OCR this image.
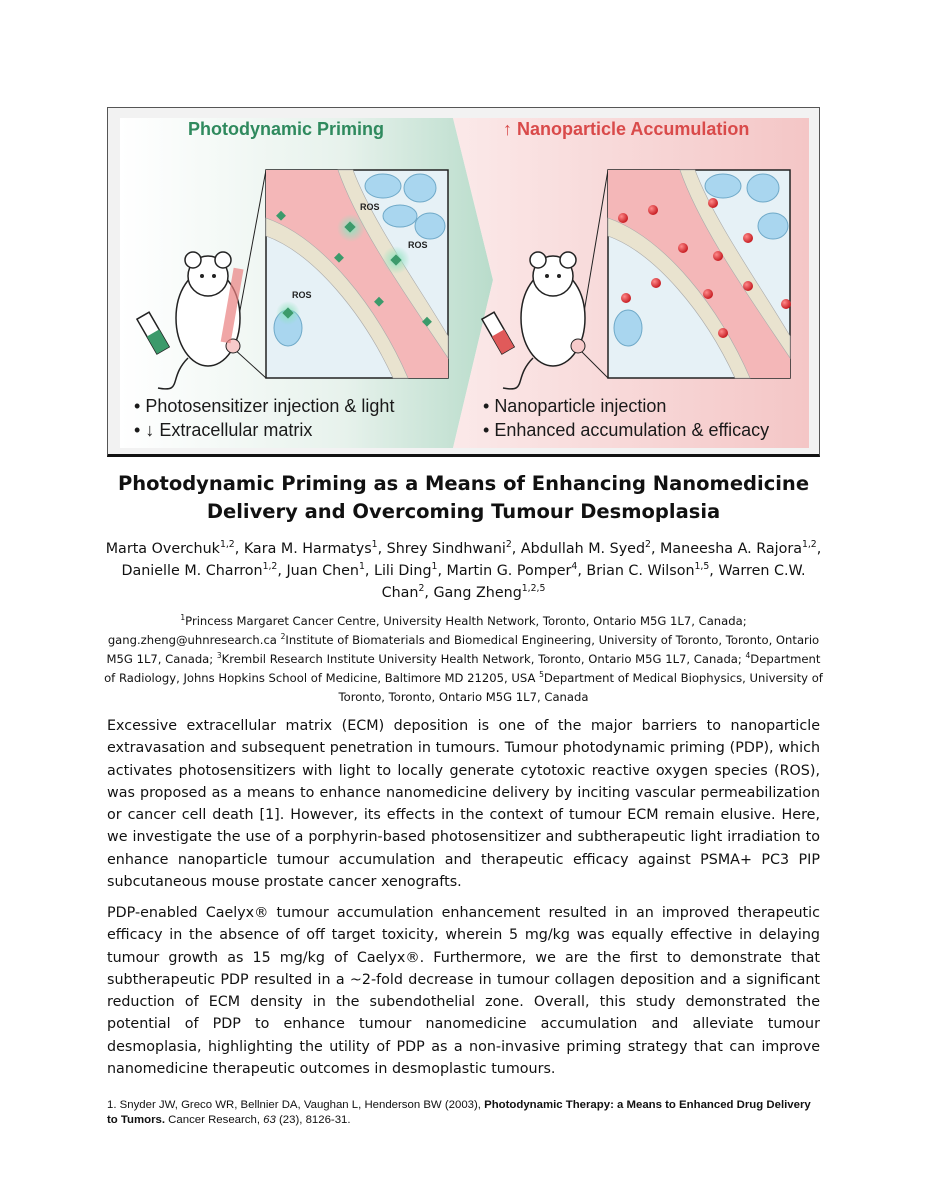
Photodynamic Priming	↑ Nanoparticle Accumulation
ROS
ROS
ROS
• Photosensitizer injection & light
• ↓ Extracellular matrix
• Nanoparticle injection
• Enhanced accumulation & efficacy
Photodynamic Priming as a Means of Enhancing Nanomedicine
Delivery and Overcoming Tumour Desmoplasia
Marta Overchuk$^{1,2}$, Kara M. Harmatys$^1$, Shrey Sindhwani$^2$, Abdullah M. Syed$^2$, Maneesha A. Rajora$^{1,2}$, Danielle M. Charron$^{1,2}$, Juan Chen$^1$, Lili Ding$^1$, Martin G. Pomper$^4$, Brian C. Wilson$^{1,5}$, Warren C.W. Chan$^2$, Gang Zheng$^{1,2,5}$
$^1$Princess Margaret Cancer Centre, University Health Network, Toronto, Ontario M5G 1L7, Canada; gang.zheng@uhnresearch.ca $^2$Institute of Biomaterials and Biomedical Engineering, University of Toronto, Toronto, Ontario M5G 1L7, Canada; $^3$Krembil Research Institute University Health Network, Toronto, Ontario M5G 1L7, Canada; $^4$Department of Radiology, Johns Hopkins School of Medicine, Baltimore MD 21205, USA $^5$Department of Medical Biophysics, University of Toronto, Toronto, Ontario M5G 1L7, Canada
Excessive extracellular matrix (ECM) deposition is one of the major barriers to nanoparticle extravasation and subsequent penetration in tumours. Tumour photodynamic priming (PDP), which activates photosensitizers with light to locally generate cytotoxic reactive oxygen species (ROS), was proposed as a means to enhance nanomedicine delivery by inciting vascular permeabilization or cancer cell death [1]. However, its effects in the context of tumour ECM remain elusive. Here, we investigate the use of a porphyrin-based photosensitizer and subtherapeutic light irradiation to enhance nanoparticle tumour accumulation and therapeutic efficacy against PSMA+ PC3 PIP subcutaneous mouse prostate cancer xenografts.
PDP-enabled Caelyx® tumour accumulation enhancement resulted in an improved therapeutic efficacy in the absence of off target toxicity, wherein 5 mg/kg was equally effective in delaying tumour growth as 15 mg/kg of Caelyx®. Furthermore, we are the first to demonstrate that subtherapeutic PDP resulted in a ~2-fold decrease in tumour collagen deposition and a significant reduction of ECM density in the subendothelial zone. Overall, this study demonstrated the potential of PDP to enhance tumour nanomedicine accumulation and alleviate tumour desmoplasia, highlighting the utility of PDP as a non-invasive priming strategy that can improve nanomedicine therapeutic outcomes in desmoplastic tumours.
1. Snyder JW, Greco WR, Bellnier DA, Vaughan L, Henderson BW (2003), Photodynamic Therapy: a Means to Enhanced Drug Delivery to Tumors. Cancer Research, 63 (23), 8126-31.
